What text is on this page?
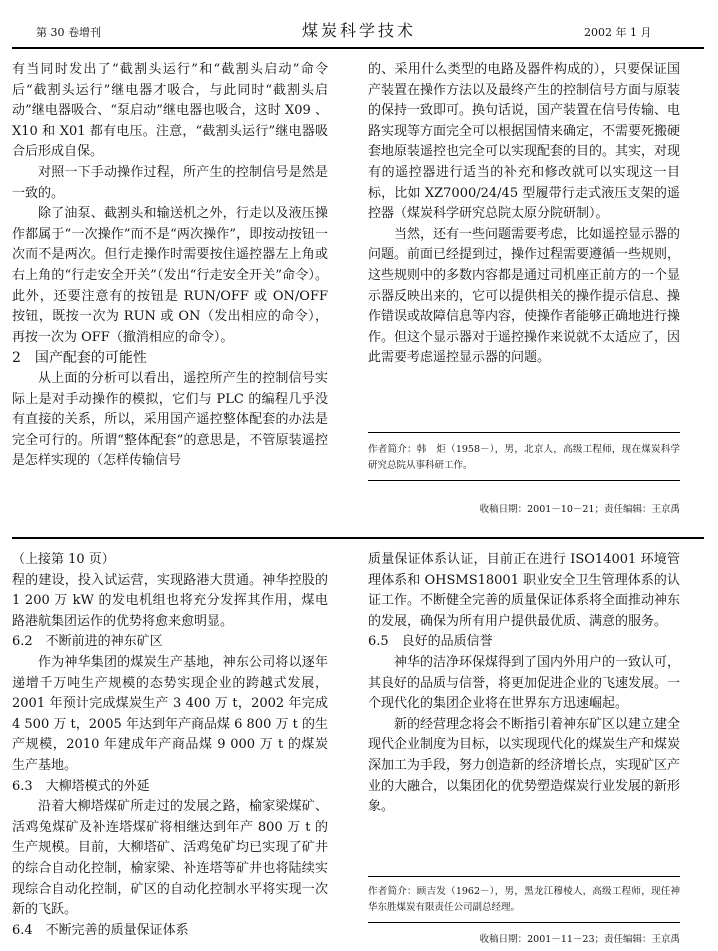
第 30 卷增刊	煤炭科学技术	2002 年 1 月

有当同时发出了“截割头运行”和“截割头启动”命令后“截割头运行”继电器才吸合，与此同时“截割头启动”继电器吸合、“泵启动”继电器也吸合，这时 X09 、X10 和 X01 都有电压。注意，“截割头运行”继电器吸合后形成自保。

对照一下手动操作过程，所产生的控制信号是然是一致的。

除了油泵、截割头和输送机之外，行走以及液压操作都属于“一次操作”而不是“两次操作”，即按动按钮一次而不是两次。但行走操作时需要按住遥控器左上角或右上角的“行走安全开关”（发出“行走安全开关”命令）。此外，还要注意有的按钮是 RUN/OFF 或 ON/OFF 按钮，既按一次为 RUN 或 ON（发出相应的命令），再按一次为 OFF（撤消相应的命令）。

2　国产配套的可能性

从上面的分析可以看出，遥控所产生的控制信号实际上是对手动操作的模拟，它们与 PLC 的编程几乎没有直接的关系，所以，采用国产遥控整体配套的办法是完全可行的。所谓“整体配套”的意思是，不管原装遥控是怎样实现的（怎样传输信号

的、采用什么类型的电路及器件构成的），只要保证国产装置在操作方法以及最终产生的控制信号方面与原装的保持一致即可。换句话说，国产装置在信号传输、电路实现等方面完全可以根据国情来确定，不需要死搬硬套地原装遥控也完全可以实现配套的目的。其实，对现有的遥控器进行适当的补充和修改就可以实现这一目标，比如 XZ7000/24/45 型履带行走式液压支架的遥控器（煤炭科学研究总院太原分院研制）。

当然，还有一些问题需要考虑，比如遥控显示器的问题。前面已经提到过，操作过程需要遵循一些规则，这些规则中的多数内容都是通过司机座正前方的一个显示器反映出来的，它可以提供相关的操作提示信息、操作错误或故障信息等内容，使操作者能够正确地进行操作。但这个显示器对于遥控操作来说就不太适应了，因此需要考虑遥控显示器的问题。

作者简介：韩　炬（1958－），男，北京人，高级工程师，现在煤炭科学研究总院从事科研工作。
收稿日期：2001－10－21；责任编辑：王京禹

（上接第 10 页）

程的建设，投入试运营，实现路港大贯通。神华控股的 1 200 万 kW 的发电机组也将充分发挥其作用，煤电路港航集团运作的优势将愈来愈明显。

6.2　不断前进的神东矿区

作为神华集团的煤炭生产基地，神东公司将以逐年递增千万吨生产规模的态势实现企业的跨越式发展，2001 年预计完成煤炭生产 3 400 万 t，2002 年完成 4 500 万 t，2005 年达到年产商品煤 6 800 万 t 的生产规模，2010 年建成年产商品煤 9 000 万 t 的煤炭生产基地。

6.3　大柳塔模式的外延

沿着大柳塔煤矿所走过的发展之路，榆家梁煤矿、活鸡兔煤矿及补连塔煤矿将相继达到年产 800 万 t 的生产规模。目前，大柳塔矿、活鸡兔矿均已实现了矿井的综合自动化控制，榆家梁、补连塔等矿井也将陆续实现综合自动化控制，矿区的自动化控制水平将实现一次新的飞跃。

6.4　不断完善的质量保证体系

质量保证体系认证，目前正在进行 ISO14001 环境管理体系和 OHSMS18001 职业安全卫生管理体系的认证工作。不断健全完善的质量保证体系将全面推动神东的发展，确保为所有用户提供最优质、满意的服务。

6.5　良好的品质信誉

神华的洁净环保煤得到了国内外用户的一致认可，其良好的品质与信誉，将更加促进企业的飞速发展。一个现代化的集团企业将在世界东方迅速崛起。

新的经营理念将会不断指引着神东矿区以建立建全现代企业制度为目标，以实现现代化的煤炭生产和煤炭深加工为手段，努力创造新的经济增长点，实现矿区产业的大融合，以集团化的优势塑造煤炭行业发展的新形象。

作者简介：顾吉发（1962－），男，黑龙江穆棱人，高级工程师，现任神华东胜煤炭有限责任公司副总经理。
收稿日期：2001－11－23；责任编辑：王京禹
